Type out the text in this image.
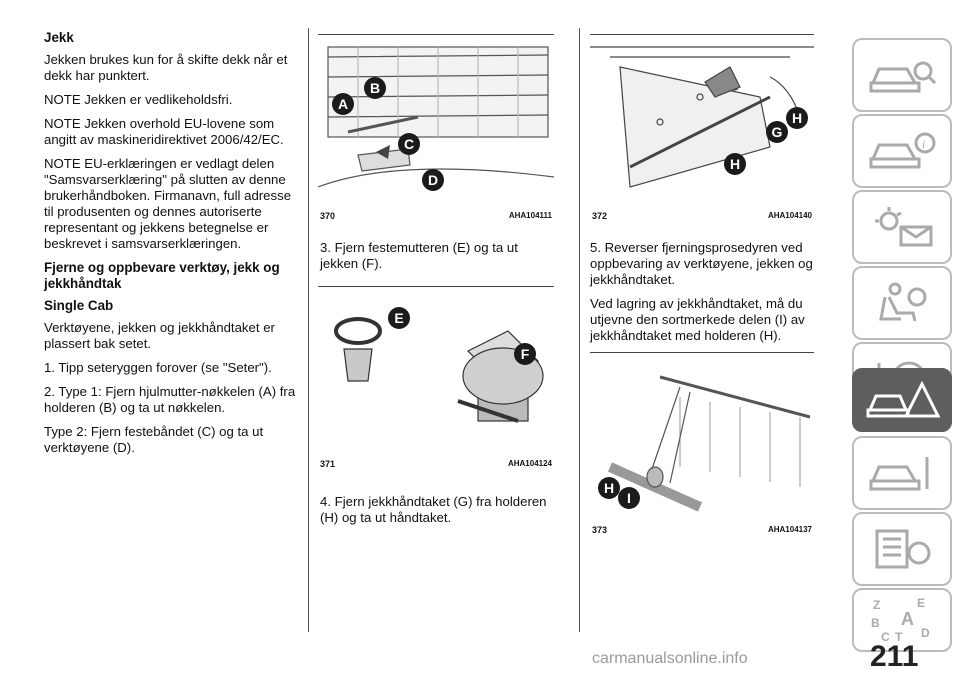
Jekk

Jekken brukes kun for å skifte dekk når et dekk har punktert.

NOTE Jekken er vedlikeholdsfri.

NOTE Jekken overhold EU-lovene som angitt av maskineridirektivet 2006/42/EC.

NOTE EU-erklæringen er vedlagt delen "Samsvarserklæring" på slutten av denne brukerhåndboken. Firmanavn, full adresse til produsenten og dennes autoriserte representant og jekkens betegnelse er beskrevet i samsvarserklæringen.

Fjerne og oppbevare verktøy, jekk og jekkhåndtak
Single Cab

Verktøyene, jekken og jekkhåndtaket er plassert bak setet.

1. Tipp seteryggen forover (se "Seter").

2. Type 1: Fjern hjulmutter-nøkkelen (A) fra holderen (B) og ta ut nøkkelen.

Type 2: Fjern festebåndet (C) og ta ut verktøyene (D).

A
B
C
D
370	AHA104111

3. Fjern festemutteren (E) og ta ut jekken (F).

E
F
371	AHA104124

4. Fjern jekkhåndtaket (G) fra holderen (H) og ta ut håndtaket.

H
G
H
372	AHA104140

5. Reverser fjerningsprosedyren ved oppbevaring av verktøyene, jekken og jekkhåndtaket.

Ved lagring av jekkhåndtaket, må du utjevne den sortmerkede delen (I) av jekkhåndtaket med holderen (H).

H
I
373	AHA104137
i
Z	E
B A
C T D
211
carmanualsonline.info
